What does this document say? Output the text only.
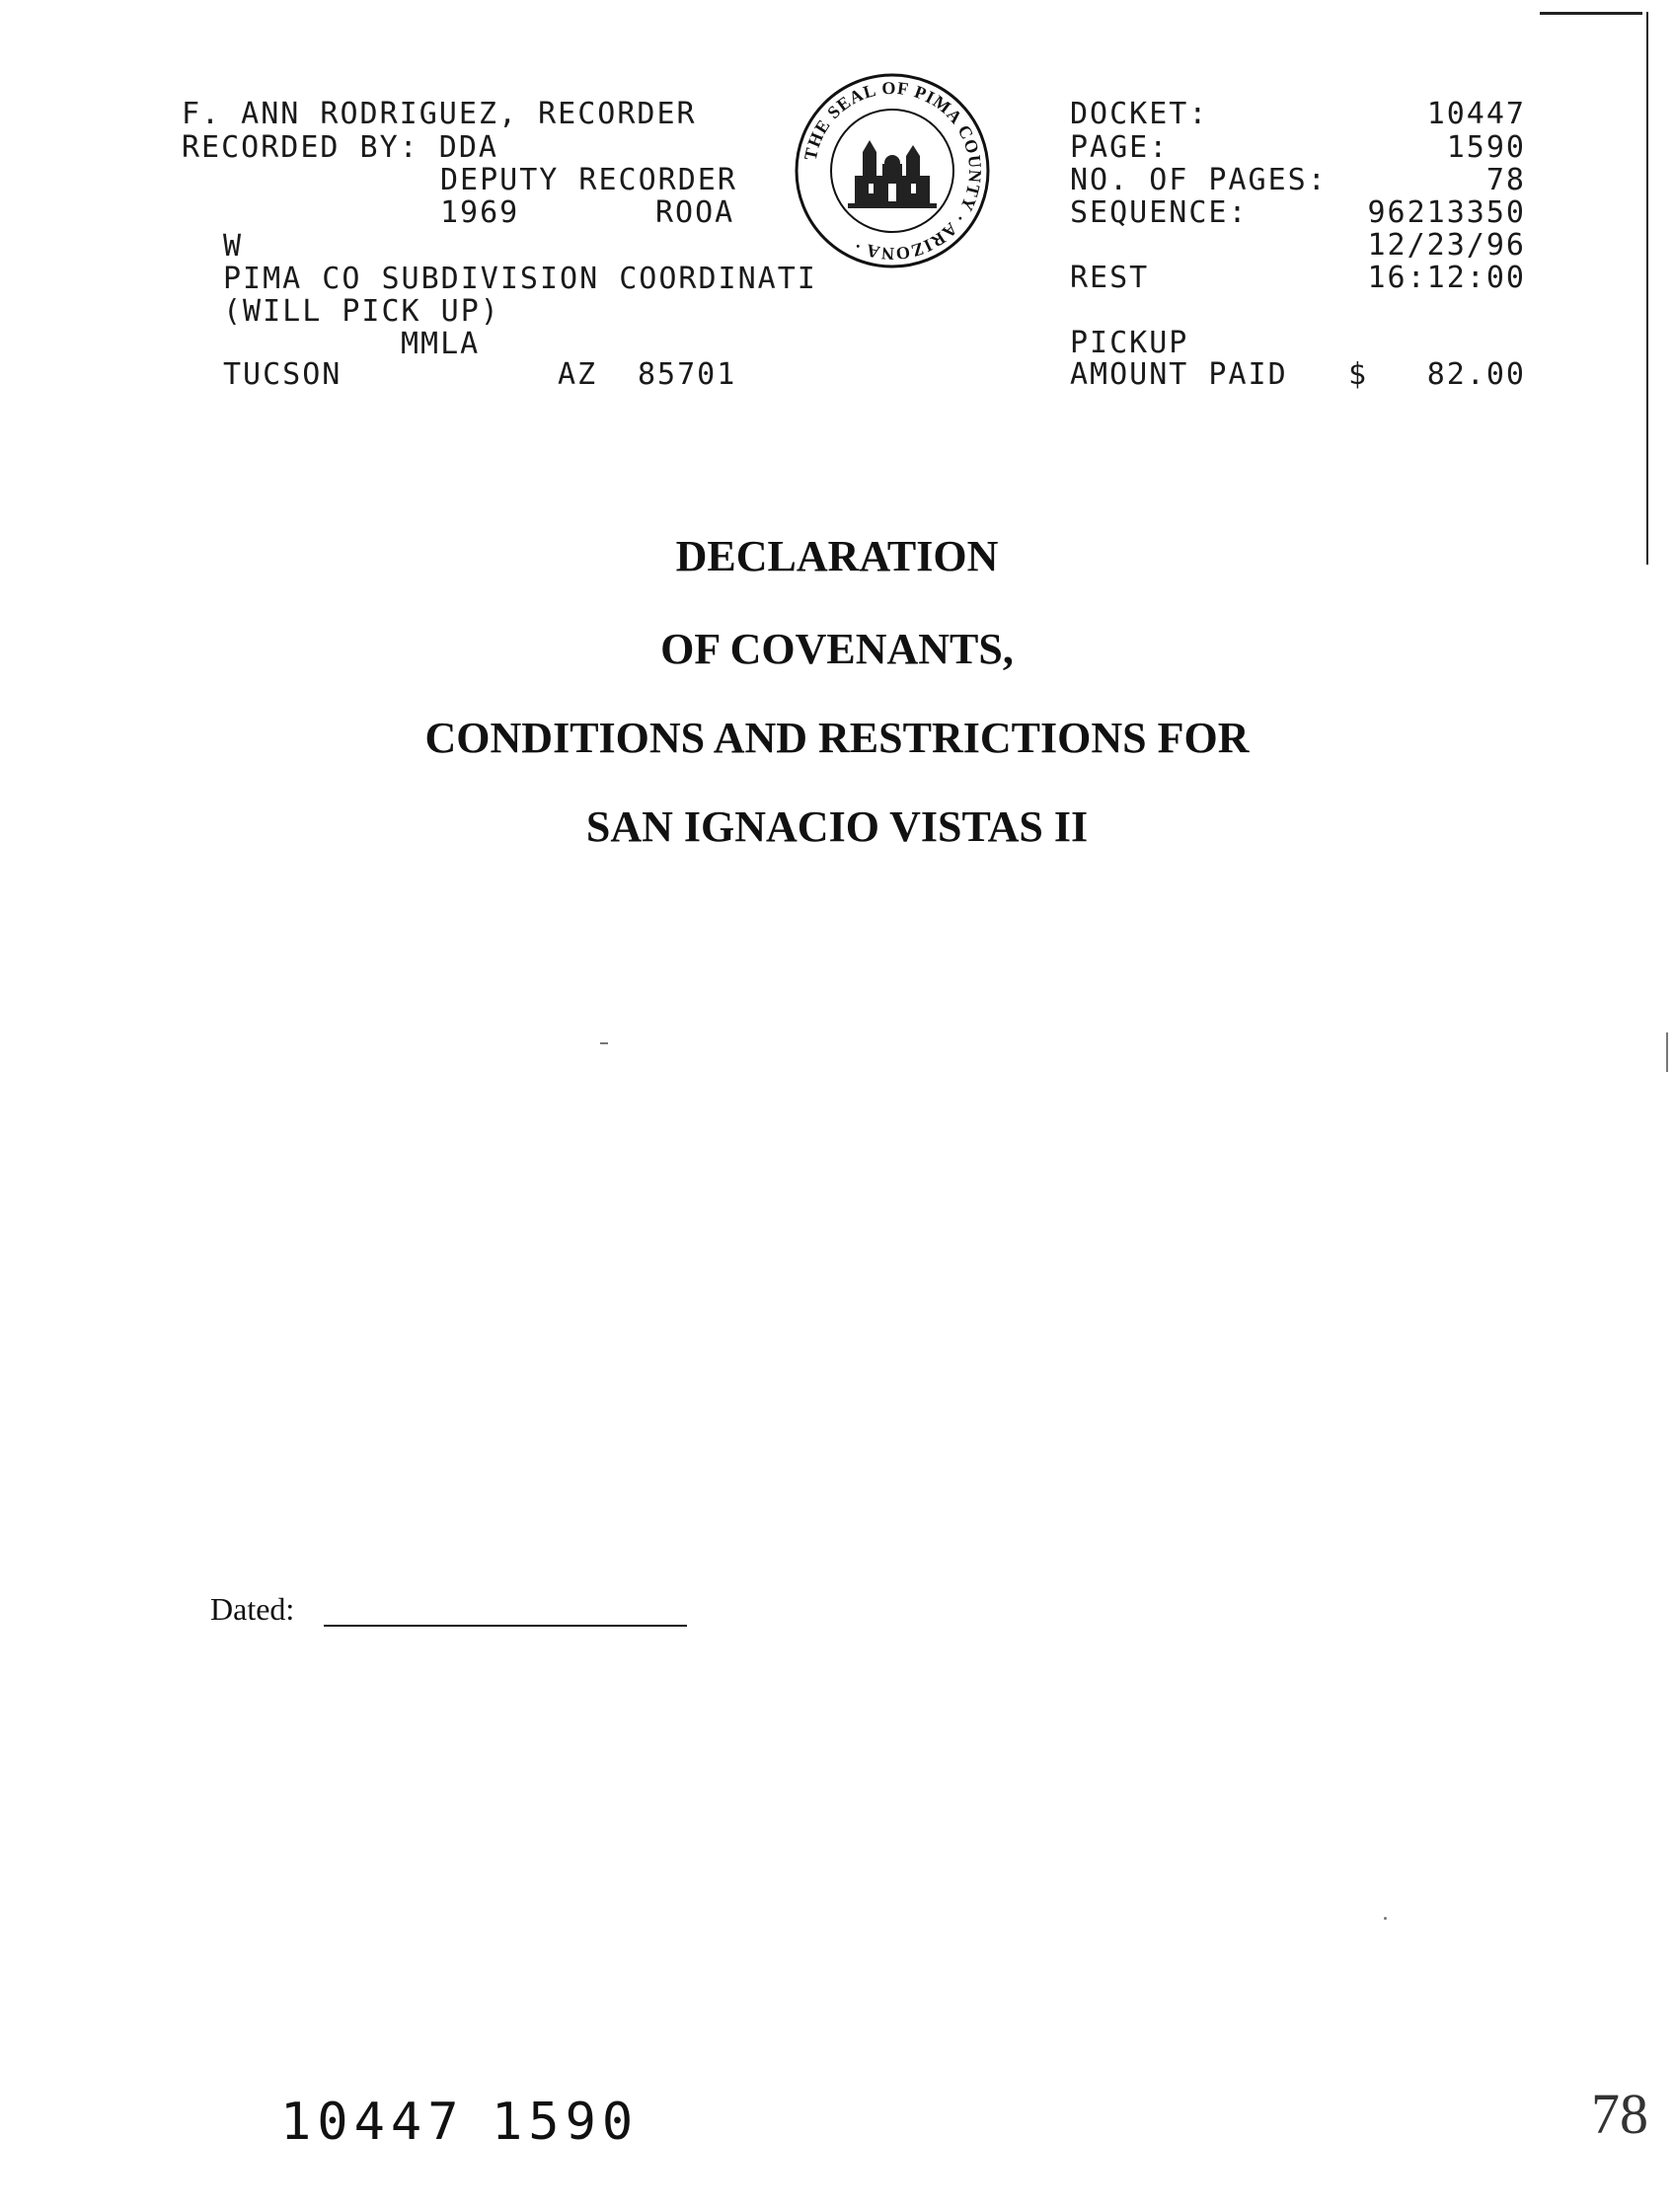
F. ANN RODRIGUEZ, RECORDER
RECORDED BY: DDA
DEPUTY RECORDER
1969	ROOA
W
PIMA CO SUBDIVISION COORDINATI
(WILL PICK UP)
MMLA
TUCSON	AZ 85701
THE SEAL OF PIMA COUNTY · ARIZONA ·
DOCKET:	10447
PAGE:	1590
NO. OF PAGES:	78
SEQUENCE:	96213350
12/23/96
REST	16:12:00
PICKUP
AMOUNT PAID $ 82.00
DECLARATION
OF COVENANTS,
CONDITIONS AND RESTRICTIONS FOR
SAN IGNACIO VISTAS II
Dated:
10447 1590	78
